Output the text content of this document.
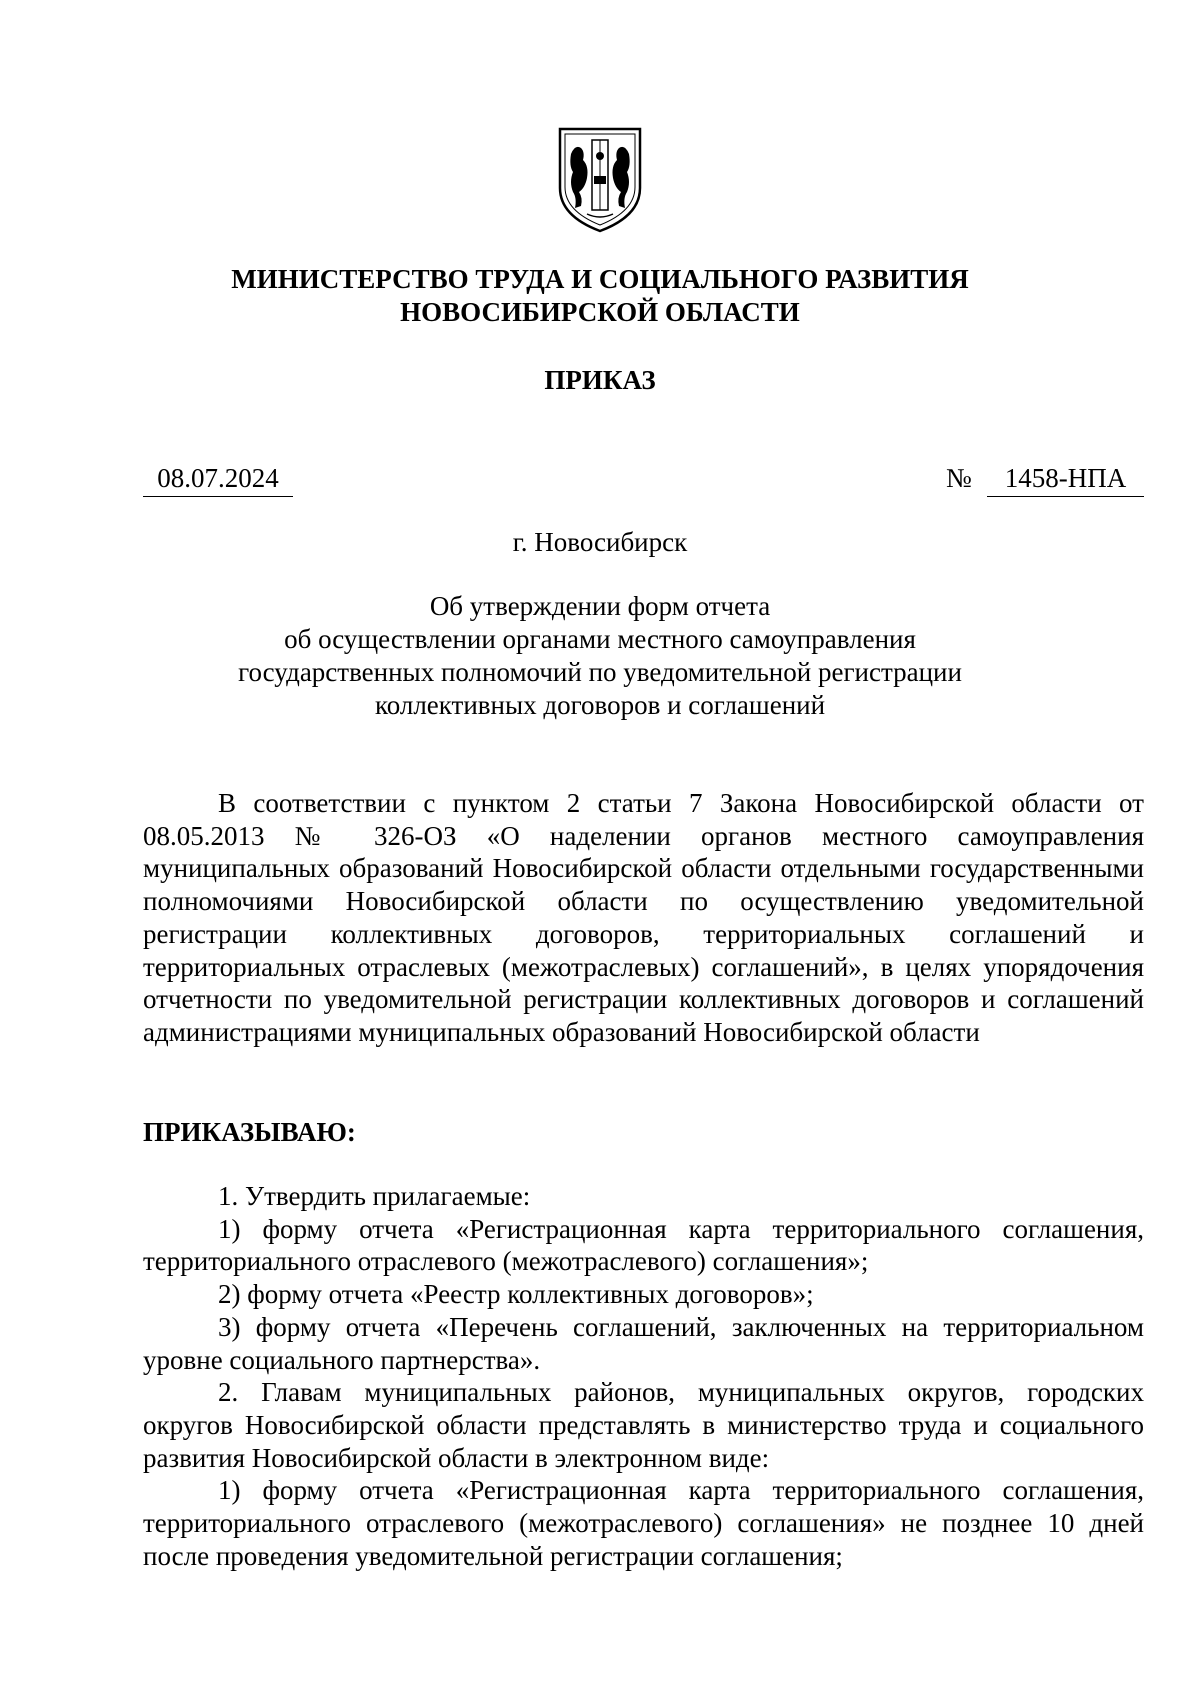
МИНИСТЕРСТВО ТРУДА И СОЦИАЛЬНОГО РАЗВИТИЯ
НОВОСИБИРСКОЙ ОБЛАСТИ
ПРИКАЗ
08.07.2024	№	1458-НПА
г. Новосибирск
Об утверждении форм отчета
об осуществлении органами местного самоуправления
государственных полномочий по уведомительной регистрации
коллективных договоров и соглашений
В соответствии с пунктом 2 статьи 7 Закона Новосибирской области от 08.05.2013 № 326-ОЗ «О наделении органов местного самоуправления муниципальных образований Новосибирской области отдельными государственными полномочиями Новосибирской области по осуществлению уведомительной регистрации коллективных договоров, территориальных соглашений и территориальных отраслевых (межотраслевых) соглашений», в целях упорядочения отчетности по уведомительной регистрации коллективных договоров и соглашений администрациями муниципальных образований Новосибирской области
ПРИКАЗЫВАЮ:

1. Утвердить прилагаемые:

1) форму отчета «Регистрационная карта территориального соглашения, территориального отраслевого (межотраслевого) соглашения»;

2) форму отчета «Реестр коллективных договоров»;

3) форму отчета «Перечень соглашений, заключенных на территориальном уровне социального партнерства».

2. Главам муниципальных районов, муниципальных округов, городских округов Новосибирской области представлять в министерство труда и социального развития Новосибирской области в электронном виде:

1) форму отчета «Регистрационная карта территориального соглашения, территориального отраслевого (межотраслевого) соглашения» не позднее 10 дней после проведения уведомительной регистрации соглашения;
